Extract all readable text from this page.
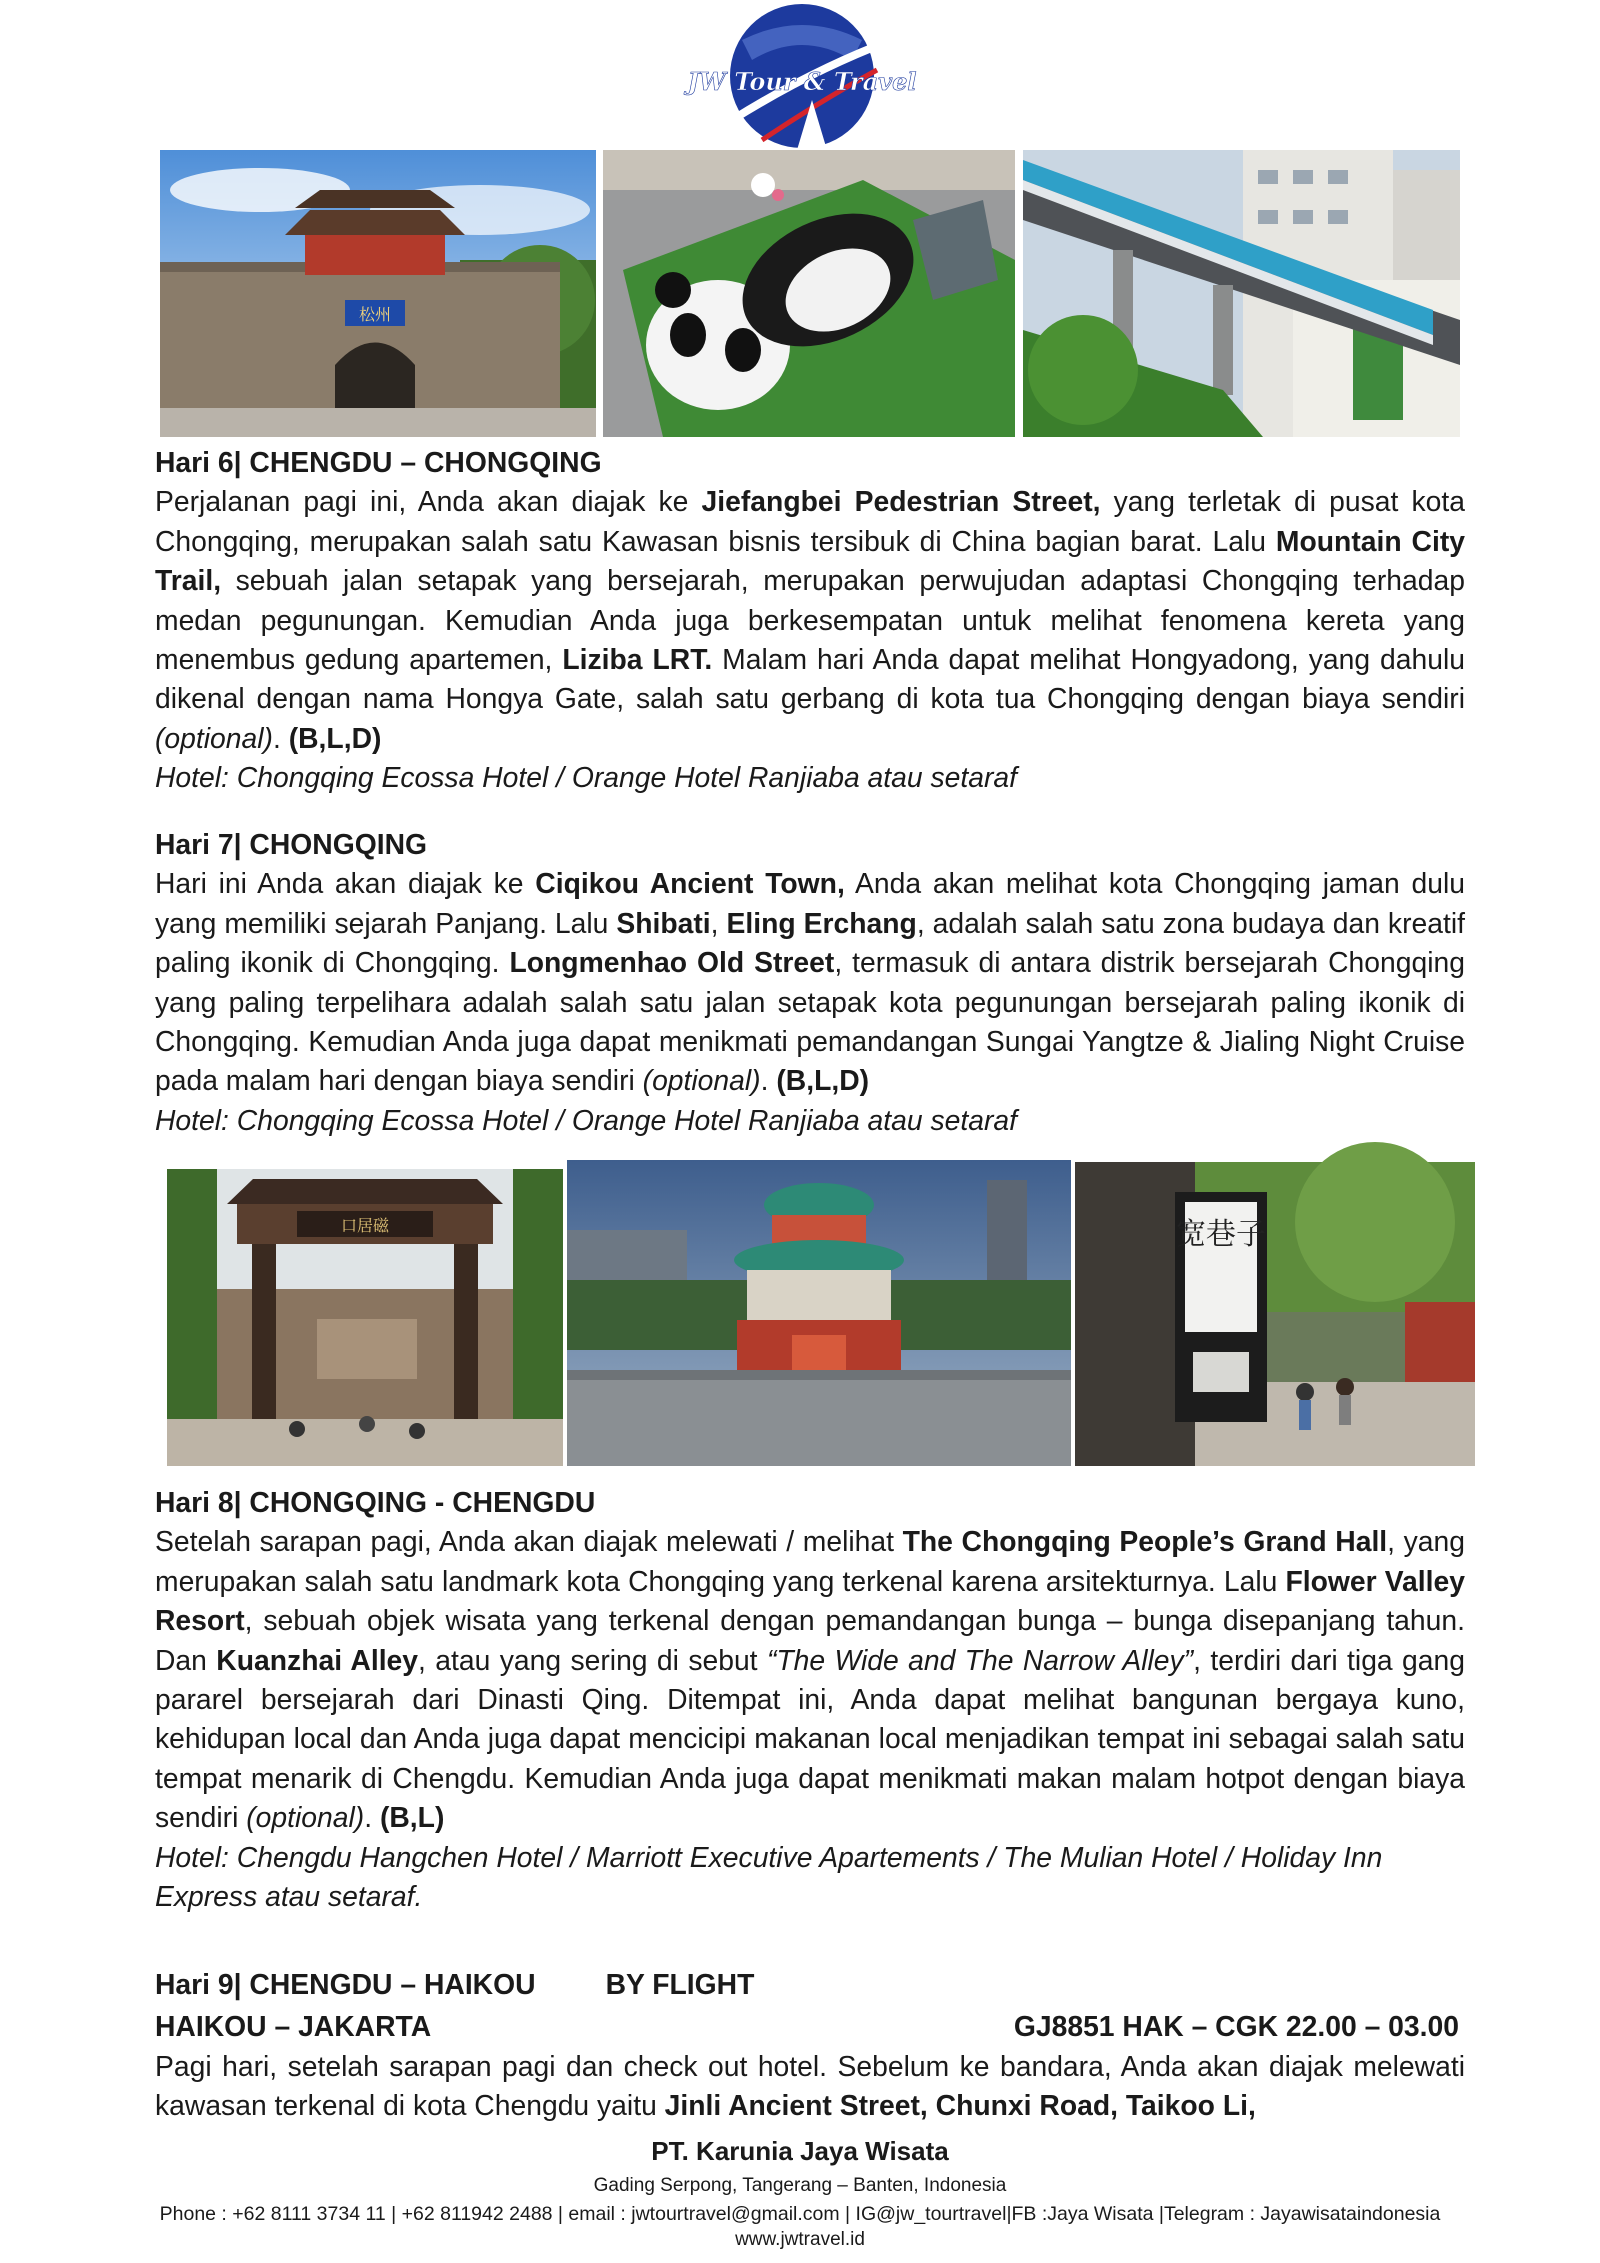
JW Tour & Travel
松州
Hari 6| CHENGDU – CHONGQING

Perjalanan pagi ini, Anda akan diajak ke Jiefangbei Pedestrian Street, yang terletak di pusat kota Chongqing, merupakan salah satu Kawasan bisnis tersibuk di China bagian barat. Lalu Mountain City Trail, sebuah jalan setapak yang bersejarah, merupakan perwujudan adaptasi Chongqing terhadap medan pegunungan. Kemudian Anda juga berkesempatan untuk melihat fenomena kereta yang menembus gedung apartemen, Liziba LRT. Malam hari Anda dapat melihat Hongyadong, yang dahulu dikenal dengan nama Hongya Gate, salah satu gerbang di kota tua Chongqing dengan biaya sendiri (optional). (B,L,D)

Hotel: Chongqing Ecossa Hotel / Orange Hotel Ranjiaba atau setaraf
Hari 7| CHONGQING

Hari ini Anda akan diajak ke Ciqikou Ancient Town, Anda akan melihat kota Chongqing jaman dulu yang memiliki sejarah Panjang. Lalu Shibati, Eling Erchang, adalah salah satu zona budaya dan kreatif paling ikonik di Chongqing. Longmenhao Old Street, termasuk di antara distrik bersejarah Chongqing yang paling terpelihara adalah salah satu jalan setapak kota pegunungan bersejarah paling ikonik di Chongqing. Kemudian Anda juga dapat menikmati pemandangan Sungai Yangtze & Jialing Night Cruise pada malam hari dengan biaya sendiri (optional). (B,L,D)

Hotel: Chongqing Ecossa Hotel / Orange Hotel Ranjiaba atau setaraf
口居磁	宽巷子
Hari 8| CHONGQING - CHENGDU

Setelah sarapan pagi, Anda akan diajak melewati / melihat The Chongqing People’s Grand Hall, yang merupakan salah satu landmark kota Chongqing yang terkenal karena arsitekturnya. Lalu Flower Valley Resort, sebuah objek wisata yang terkenal dengan pemandangan bunga – bunga disepanjang tahun. Dan Kuanzhai Alley, atau yang sering di sebut “The Wide and The Narrow Alley”, terdiri dari tiga gang pararel bersejarah dari Dinasti Qing. Ditempat ini, Anda dapat melihat bangunan bergaya kuno, kehidupan local dan Anda juga dapat mencicipi makanan local menjadikan tempat ini sebagai salah satu tempat menarik di Chengdu. Kemudian Anda juga dapat menikmati makan malam hotpot dengan biaya sendiri (optional). (B,L)

Hotel: Chengdu Hangchen Hotel / Marriott Executive Apartements / The Mulian Hotel / Holiday Inn Express atau setaraf.

Hari 9| CHENGDU – HAIKOU BY FLIGHT
HAIKOU – JAKARTA	GJ8851 HAK – CGK 22.00 – 03.00

Pagi hari, setelah sarapan pagi dan check out hotel. Sebelum ke bandara, Anda akan diajak melewati kawasan terkenal di kota Chengdu yaitu Jinli Ancient Street, Chunxi Road, Taikoo Li,

PT. Karunia Jaya Wisata
Gading Serpong, Tangerang – Banten, Indonesia
Phone : +62 8111 3734 11 | +62 811942 2488 | email : jwtourtravel@gmail.com | IG@jw_tourtravel|FB :Jaya Wisata |Telegram : Jayawisataindonesia
www.jwtravel.id
